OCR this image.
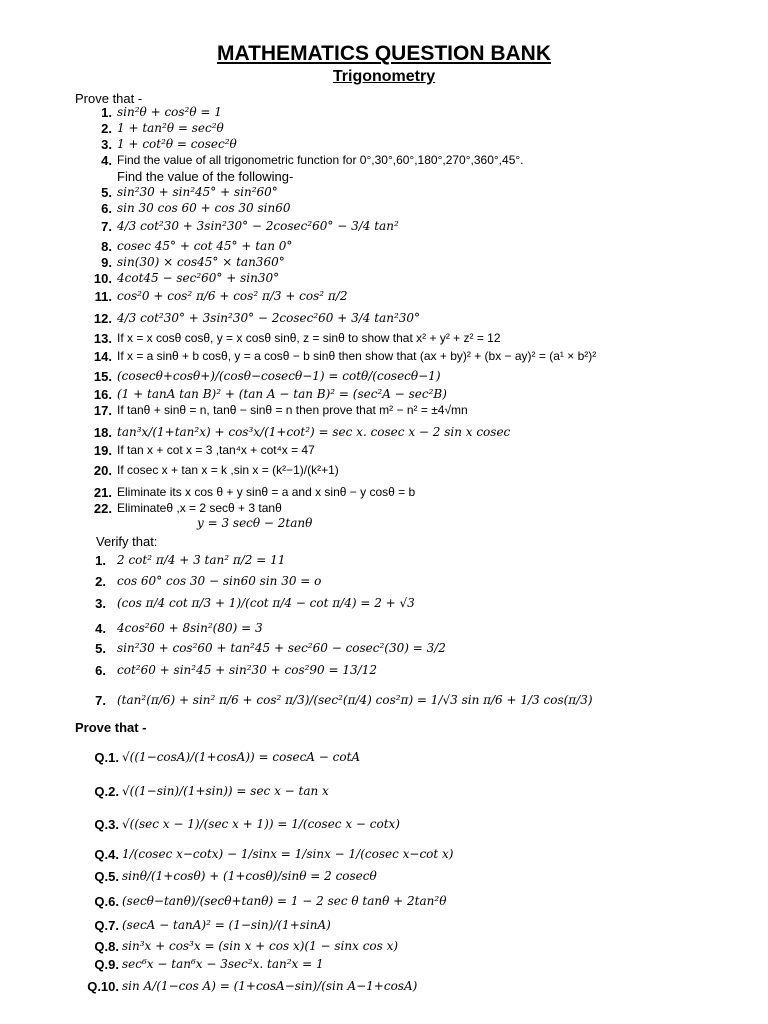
MATHEMATICS QUESTION BANK
Trigonometry
Prove that -
1. sin²θ + cos²θ = 1
2. 1 + tan²θ = sec²θ
3. 1 + cot²θ = cosec²θ
4. Find the value of all trigonometric function for 0°,30°,60°,180°,270°,360°,45°.
5. sin²30 + sin²45° + sin²60°
6. sin 30 cos 60 + cos 30 sin60
7. 4/3 cot²30 + 3sin²30° − 2cosec²60° − 3/4 tan²
8. cosec 45° + cot 45° + tan 0°
9. sin(30) × cos45° × tan360°
10. 4cot45 − sec²60° + sin30°
11. cos²0 + cos² π/6 + cos² π/3 + cos² π/2
12. 4/3 cot²30° + 3sin²30° − 2cosec²60 + 3/4 tan²30°
13. If x = x cosθ cosθ, y = x cosθ sinθ, z = sinθ to show that x² + y² + z² = 12
14. If x = a sinθ + b cosθ, y = a cosθ − b sinθ then show that (ax + by)² + (bx − ay)² = (a¹ × b²)²
15. (cosecθ+cosθ+)/(cosθ−cosecθ−1) = cotθ/(cosecθ−1)
16. (1 + tanA tan B)² + (tan A − tan B)² = (sec²A − sec²B)
17. If tanθ + sinθ = n, tanθ − sinθ = n then prove that m² − n² = ±4√mn
18. tan³x/(1+tan²x) + cos³x/(1+cot²) = sec x. cosec x − 2 sin x cosec
19. If tan x + cot x = 3 ,tan⁴x + cot⁴x = 47
20. If cosec x + tan x = k ,sin x = (k²−1)/(k²+1)
21. Eliminate its x cos θ + y sinθ = a and x sinθ − y cosθ = b
22. Eliminateθ ,x = 2 secθ + 3 tanθ
Find the value of the following-
y = 3 secθ − 2tanθ
Verify that:
1. 2 cot² π/4 + 3 tan² π/2 = 11
2. cos 60° cos 30 − sin60 sin 30 = o
3. (cos π/4 cot π/3 + 1)/(cot π/4 − cot π/4) = 2 + √3
4. 4cos²60 + 8sin²(80) = 3
5. sin²30 + cos²60 + tan²45 + sec²60 − cosec²(30) = 3/2
6. cot²60 + sin²45 + sin²30 + cos²90 = 13/12
7. (tan²(π/6) + sin² π/6 + cos² π/3)/(sec²(π/4) cos²π) = 1/√3 sin π/6 + 1/3 cos(π/3)
Prove that -
Q.1. √((1−cosA)/(1+cosA)) = cosecA − cotA
Q.2. √((1−sin)/(1+sin)) = sec x − tan x
Q.3. √((sec x − 1)/(sec x + 1)) = 1/(cosec x − cotx)
Q.4. 1/(cosec x−cotx) − 1/sinx = 1/sinx − 1/(cosec x−cot x)
Q.5. sinθ/(1+cosθ) + (1+cosθ)/sinθ = 2 cosecθ
Q.6. (secθ−tanθ)/(secθ+tanθ) = 1 − 2 sec θ tanθ + 2tan²θ
Q.7. (secA − tanA)² = (1−sin)/(1+sinA)
Q.8. sin³x + cos³x = (sin x + cos x)(1 − sinx cos x)
Q.9. sec⁶x − tan⁶x − 3sec²x. tan²x = 1
Q.10. sin A/(1−cos A) = (1+cosA−sin)/(sin A−1+cosA)
